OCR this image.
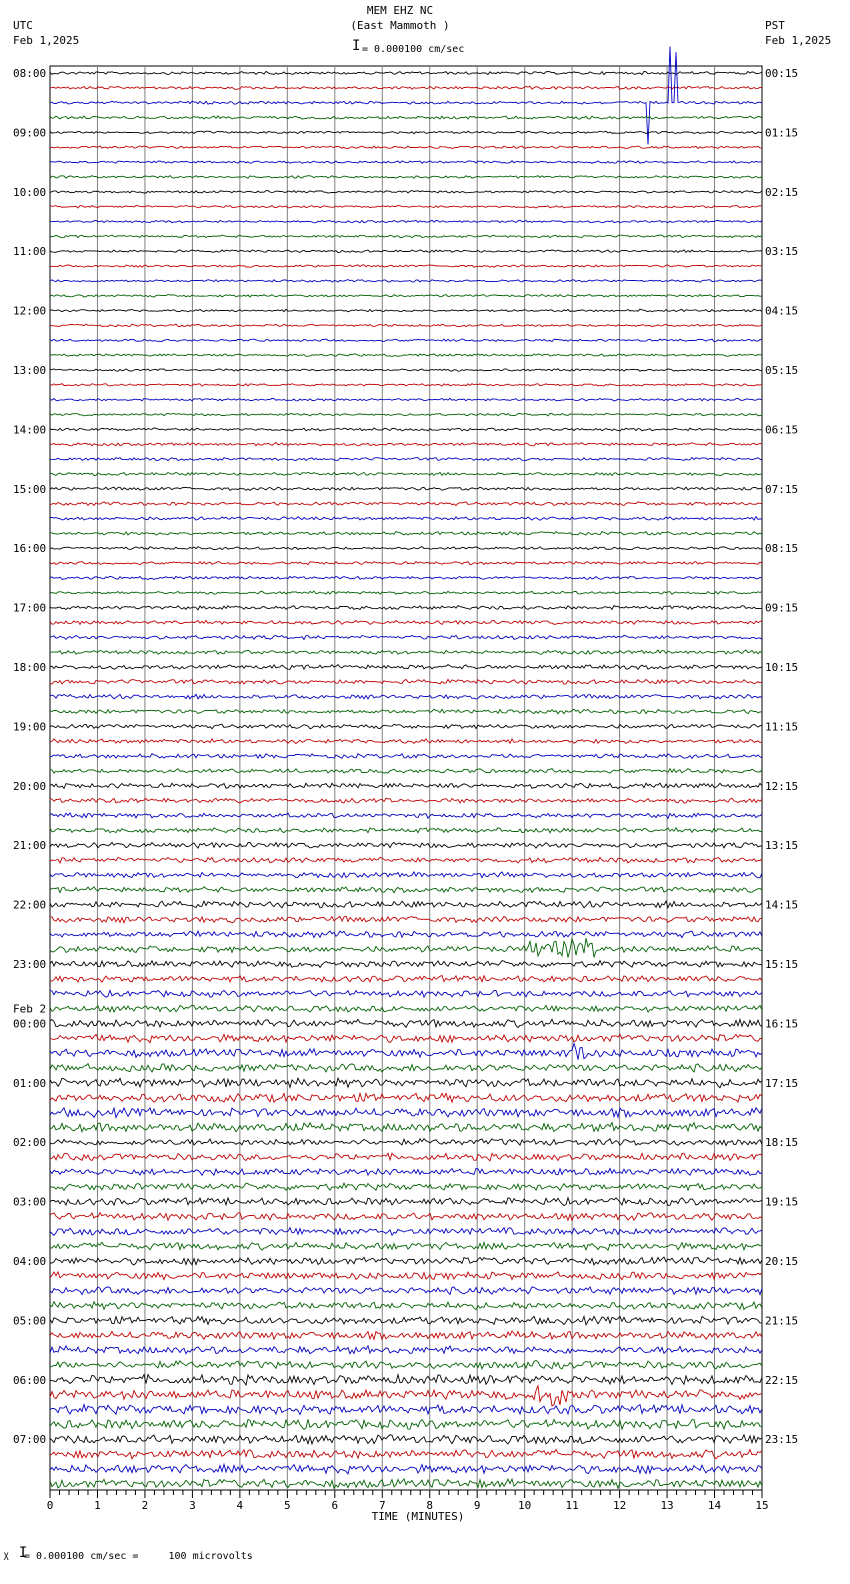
MEM EHZ NC
(East Mammoth )
I = 0.000100 cm/sec
UTC
Feb 1,2025
PST
Feb 1,2025
08:00
09:00
10:00
11:00
12:00
13:00
14:00
15:00
16:00
17:00
18:00
19:00
20:00
21:00
22:00
23:00
00:00
01:00
02:00
03:00
04:00
05:00
06:00
07:00
00:15
01:15
02:15
03:15
04:15
05:15
06:15
07:15
08:15
09:15
10:15
11:15
12:15
13:15
14:15
15:15
16:15
17:15
18:15
19:15
20:15
21:15
22:15
23:15
Feb 2
0	1	2	3	4	5	6	7	8	9	10	11	12	13	14	15
TIME (MINUTES)
ᵪ I
= 0.000100 cm/sec =     100 microvolts
